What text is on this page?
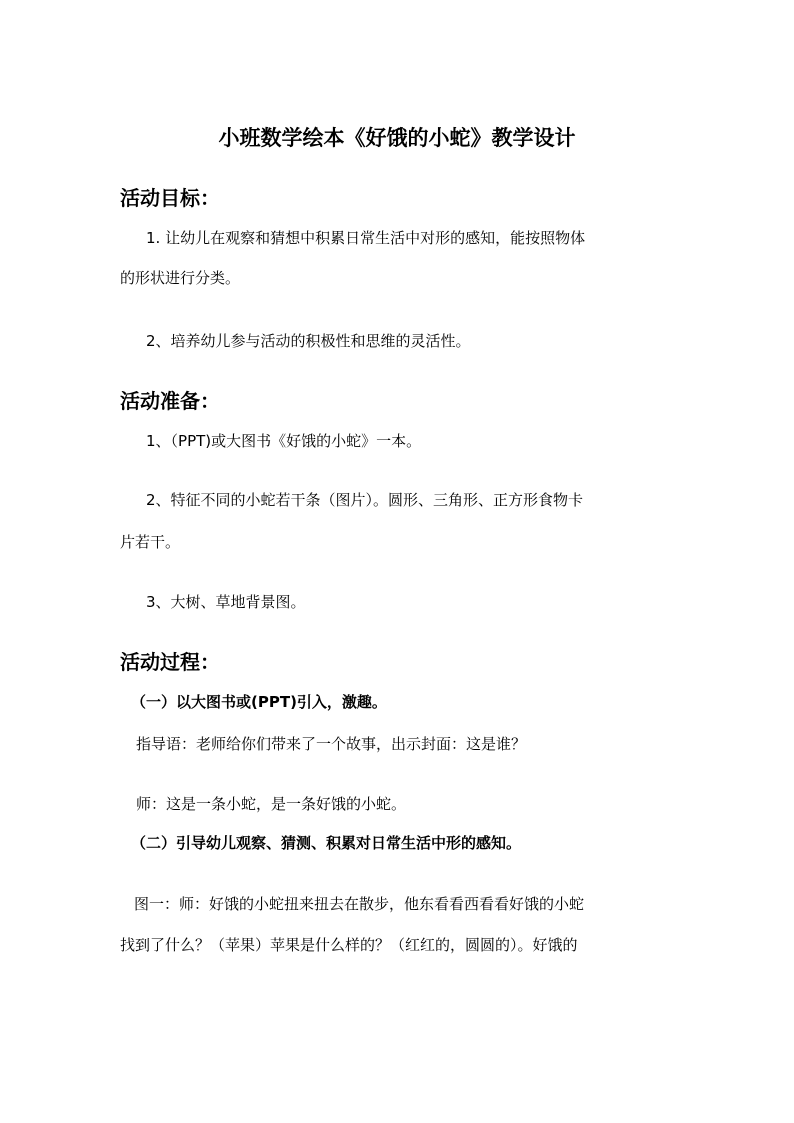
小班数学绘本《好饿的小蛇》教学设计
活动目标：

1. 让幼儿在观察和猜想中积累日常生活中对形的感知，能按照物体

的形状进行分类。

2、培养幼儿参与活动的积极性和思维的灵活性。

活动准备：

1、（PPT)或大图书《好饿的小蛇》一本。

2、特征不同的小蛇若干条（图片）。圆形、三角形、正方形食物卡

片若干。

3、大树、草地背景图。

活动过程：

（一）以大图书或(PPT)引入，激趣。

指导语：老师给你们带来了一个故事，出示封面：这是谁？

师：这是一条小蛇，是一条好饿的小蛇。

（二）引导幼儿观察、猜测、积累对日常生活中形的感知。

图一：师：好饿的小蛇扭来扭去在散步，他东看看西看看好饿的小蛇

找到了什么？（苹果）苹果是什么样的？（红红的，圆圆的）。好饿的
